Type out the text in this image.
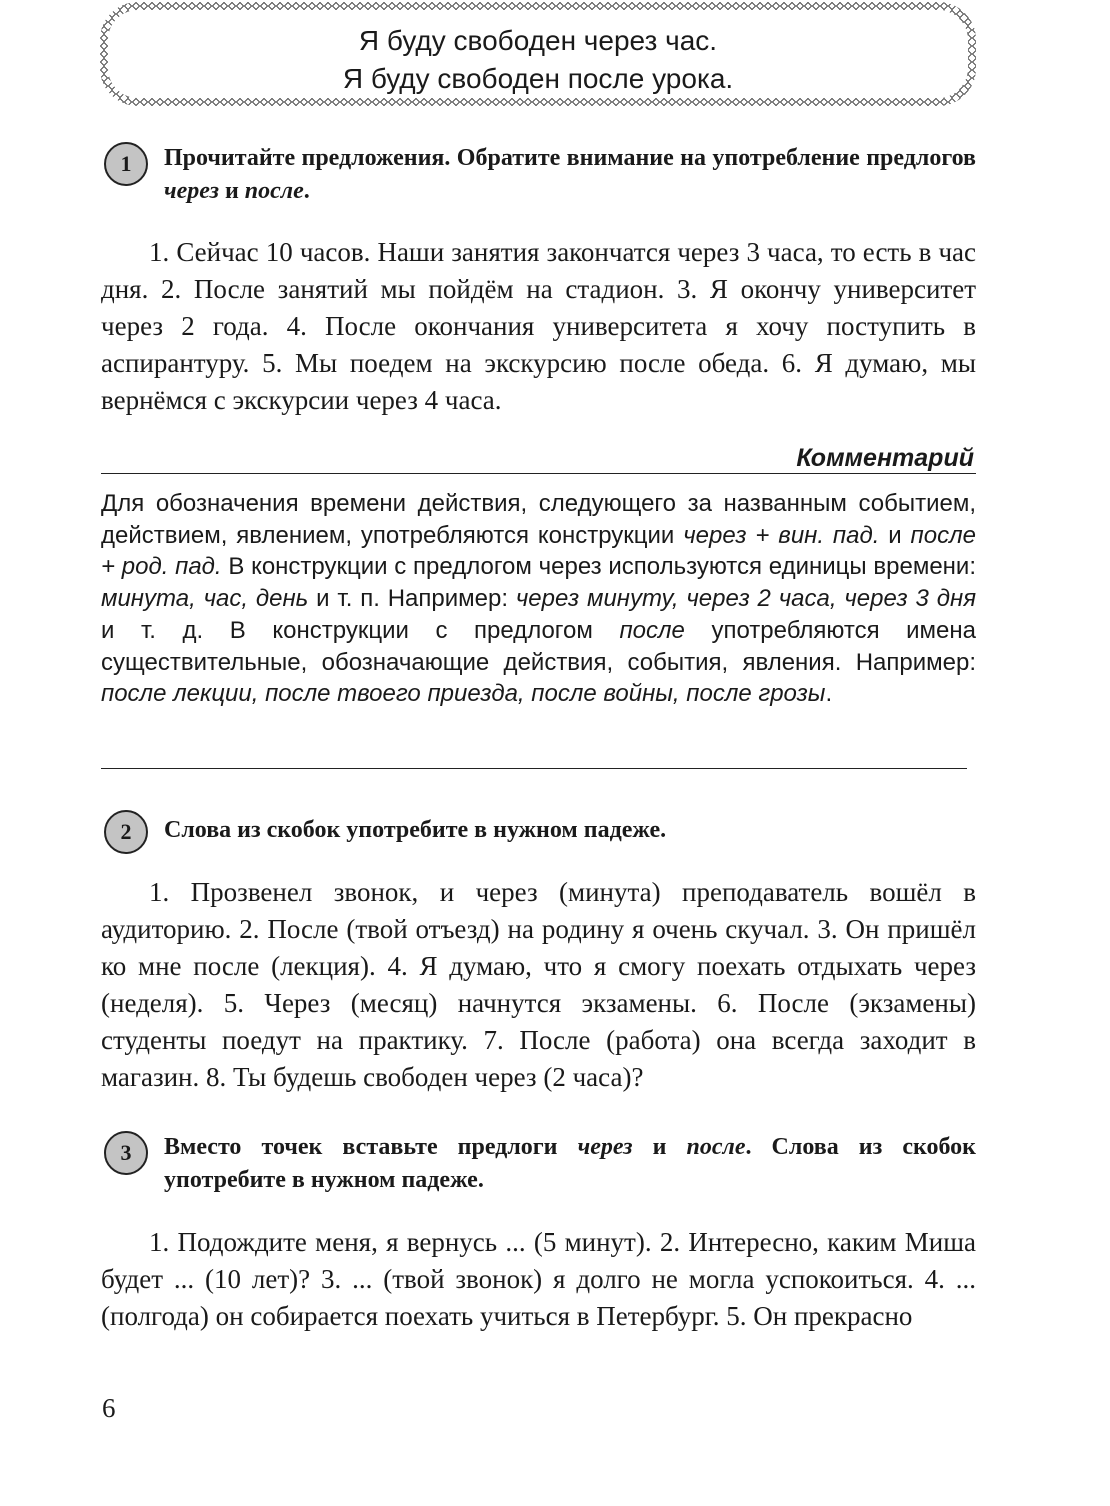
Я буду свободен через час.
Я буду свободен после урока.
1	Прочитайте предложения. Обратите внимание на употребление предлогов через и после.
1. Сейчас 10 часов. Наши занятия закончатся через 3 часа, то есть в час дня. 2. После занятий мы пойдём на стадион. 3. Я окончу университет через 2 года. 4. После окончания университета я хочу поступить в аспирантуру. 5. Мы поедем на экскурсию после обеда. 6. Я думаю, мы вернёмся с экскурсии через 4 часа.
Комментарий
Для обозначения времени действия, следующего за названным событием, действием, явлением, употребляются конструкции через + вин. пад. и после + род. пад. В конструкции с предлогом через используются единицы времени: минута, час, день и т. п. Например: через минуту, через 2 часа, через 3 дня и т. д. В конструкции с предлогом после употребляются имена существительные, обозначающие действия, события, явления. Например: после лекции, после твоего приезда, после войны, после грозы.
2	Слова из скобок употребите в нужном падеже.
1. Прозвенел звонок, и через (минута) преподаватель вошёл в аудиторию. 2. После (твой отъезд) на родину я очень скучал. 3. Он пришёл ко мне после (лекция). 4. Я думаю, что я смогу поехать отдыхать через (неделя). 5. Через (месяц) начнутся экзамены. 6. После (экзамены) студенты поедут на практику. 7. После (работа) она всегда заходит в магазин. 8. Ты будешь свободен через (2 часа)?
3	Вместо точек вставьте предлоги через и после. Слова из скобок употребите в нужном падеже.
1. Подождите меня, я вернусь ... (5 минут). 2. Интересно, каким Миша будет ... (10 лет)? 3. ... (твой звонок) я долго не могла успокоиться. 4. ... (полгода) он собирается поехать учиться в Петербург. 5. Он прекрасно
6
